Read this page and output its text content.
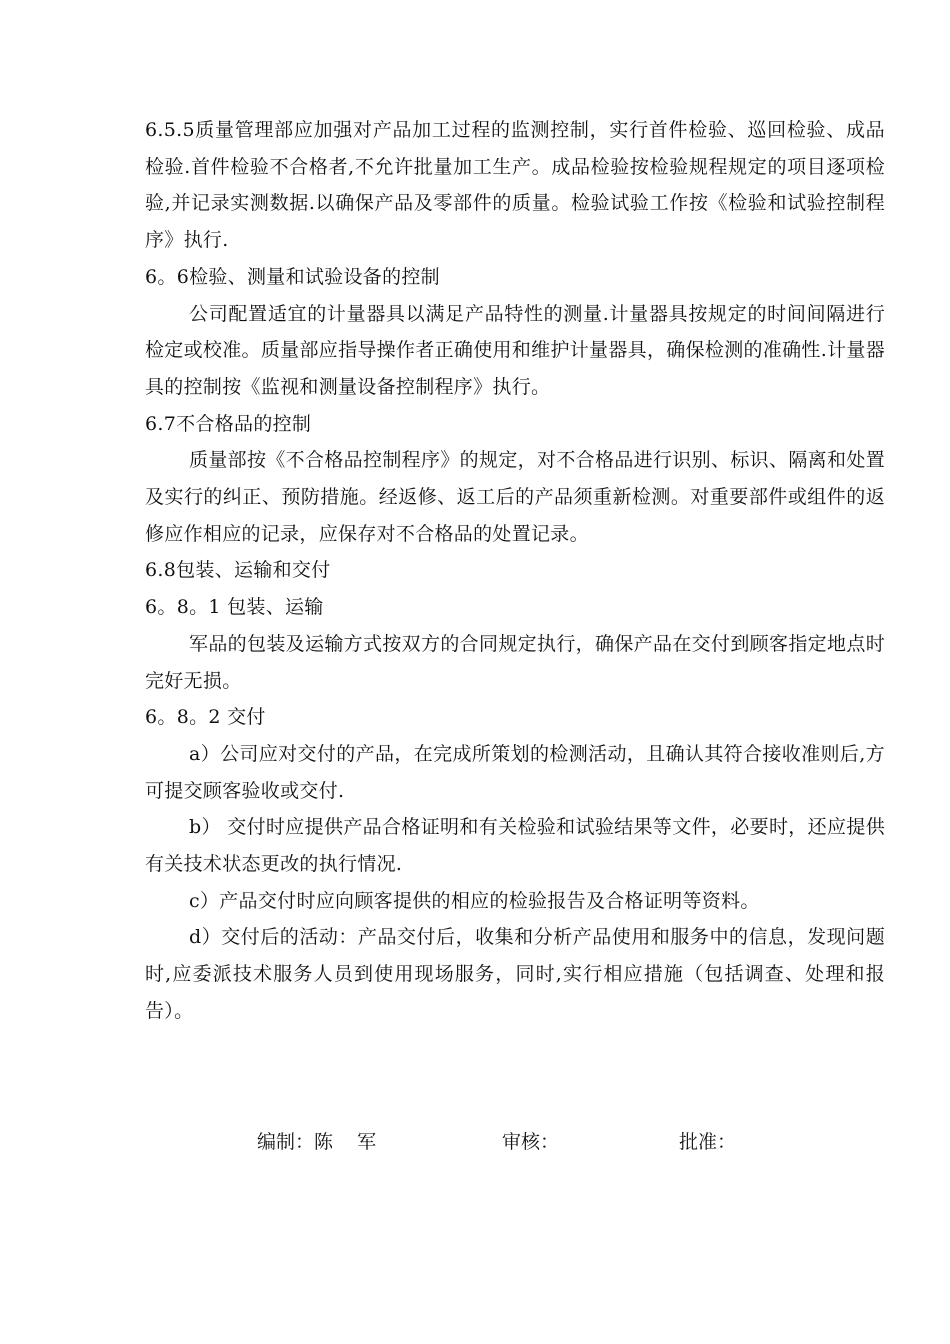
6.5.5质量管理部应加强对产品加工过程的监测控制，实行首件检验、巡回检验、成品检验.首件检验不合格者,不允许批量加工生产。成品检验按检验规程规定的项目逐项检验,并记录实测数据.以确保产品及零部件的质量。检验试验工作按《检验和试验控制程序》执行.

6。6检验、测量和试验设备的控制

公司配置适宜的计量器具以满足产品特性的测量.计量器具按规定的时间间隔进行检定或校准。质量部应指导操作者正确使用和维护计量器具，确保检测的准确性.计量器具的控制按《监视和测量设备控制程序》执行。

6.7不合格品的控制

质量部按《不合格品控制程序》的规定，对不合格品进行识别、标识、隔离和处置及实行的纠正、预防措施。经返修、返工后的产品须重新检测。对重要部件或组件的返修应作相应的记录，应保存对不合格品的处置记录。

6.8包装、运输和交付

6。8。1 包装、运输

军品的包装及运输方式按双方的合同规定执行，确保产品在交付到顾客指定地点时完好无损。

6。8。2 交付

a）公司应对交付的产品，在完成所策划的检测活动，且确认其符合接收准则后,方可提交顾客验收或交付.

b） 交付时应提供产品合格证明和有关检验和试验结果等文件，必要时，还应提供有关技术状态更改的执行情况.

c）产品交付时应向顾客提供的相应的检验报告及合格证明等资料。

d）交付后的活动：产品交付后，收集和分析产品使用和服务中的信息，发现问题时,应委派技术服务人员到使用现场服务，同时,实行相应措施（包括调查、处理和报告）。

编制：陈    军	审核：	批准：
